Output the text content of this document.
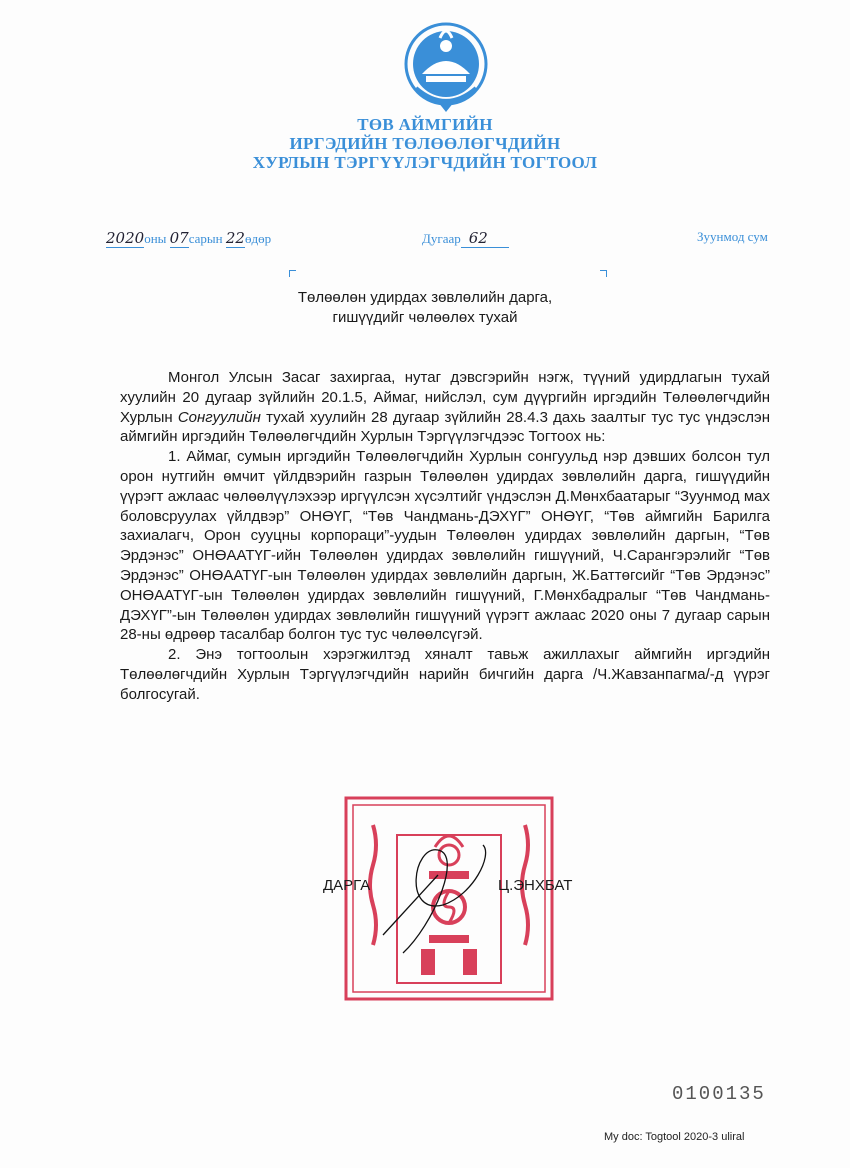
ТӨВ АЙМГИЙН
ИРГЭДИЙН ТӨЛӨӨЛӨГЧДИЙН
ХУРЛЫН ТЭРГҮҮЛЭГЧДИЙН ТОГТООЛ
2020оны 07сарын 22өдөр	Дугаар 62	Зуунмод сум
Төлөөлөн удирдах зөвлөлийн дарга,
гишүүдийг чөлөөлөх тухай

Монгол Улсын Засаг захиргаа, нутаг дэвсгэрийн нэгж, түүний удирдлагын тухай хуулийн 20 дугаар зүйлийн 20.1.5, Аймаг, нийслэл, сум дүүргийн иргэдийн Төлөөлөгчдийн Хурлын Сонгуулийн тухай хуулийн 28 дугаар зүйлийн 28.4.3 дахь заалтыг тус тус үндэслэн аймгийн иргэдийн Төлөөлөгчдийн Хурлын Тэргүүлэгчдээс Тогтоох нь:

1. Аймаг, сумын иргэдийн Төлөөлөгчдийн Хурлын сонгуульд нэр дэвших болсон тул орон нутгийн өмчит үйлдвэрийн газрын Төлөөлөн удирдах зөвлөлийн дарга, гишүүдийн үүрэгт ажлаас чөлөөлүүлэхээр иргүүлсэн хүсэлтийг үндэслэн Д.Мөнхбаатарыг “Зуунмод мах боловсруулах үйлдвэр” ОНӨҮГ, “Төв Чандмань-ДЭХҮГ” ОНӨҮГ, “Төв аймгийн Барилга захиалагч, Орон сууцны корпораци”-уудын Төлөөлөн удирдах зөвлөлийн даргын, “Төв Эрдэнэс” ОНӨААТҮГ-ийн Төлөөлөн удирдах зөвлөлийн гишүүний, Ч.Сарангэрэлийг “Төв Эрдэнэс” ОНӨААТҮГ-ын Төлөөлөн удирдах зөвлөлийн даргын, Ж.Баттөгсийг “Төв Эрдэнэс” ОНӨААТҮГ-ын Төлөөлөн удирдах зөвлөлийн гишүүний, Г.Мөнхбадралыг “Төв Чандмань-ДЭХҮГ”-ын Төлөөлөн удирдах зөвлөлийн гишүүний үүрэгт ажлаас 2020 оны 7 дугаар сарын 28-ны өдрөөр тасалбар болгон тус тус чөлөөлсүгэй.

2. Энэ тогтоолын хэрэгжилтэд хяналт тавьж ажиллахыг аймгийн иргэдийн Төлөөлөгчдийн Хурлын Тэргүүлэгчдийн нарийн бичгийн дарга /Ч.Жавзанпагма/-д үүрэг болгосугай.

ДАРГА	Ц.ЭНХБАТ
0100135
My doc: Togtool 2020-3 uliral
